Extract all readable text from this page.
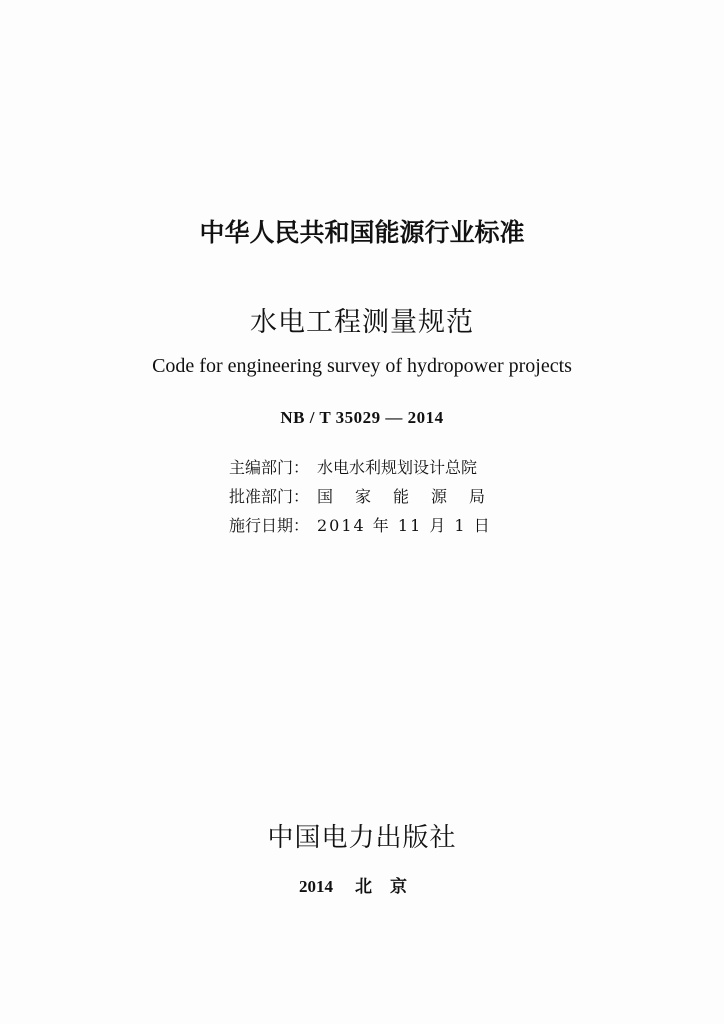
中华人民共和国能源行业标准
水电工程测量规范
Code for engineering survey of hydropower projects
NB / T 35029 — 2014
主编部门： 水电水利规划设计总院
批准部门： 国家能源局
施行日期： 2014 年 11 月 1 日
中国电力出版社
2014 北京
